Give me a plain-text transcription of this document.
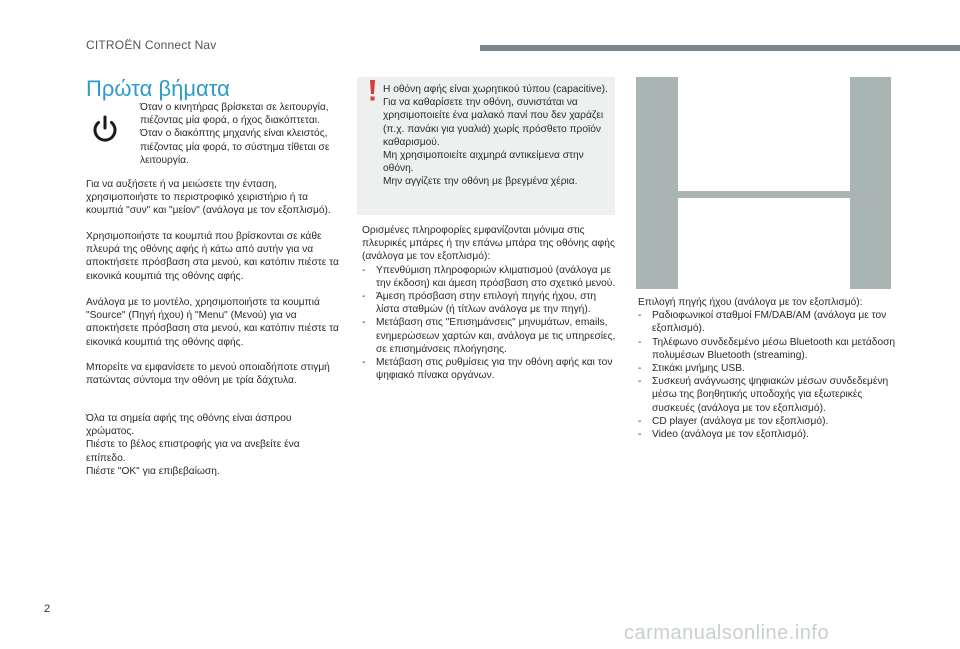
CITROËN Connect Nav
Πρώτα βήματα

Όταν ο κινητήρας βρίσκεται σε λειτουργία, πιέζοντας μία φορά, ο ήχος διακόπτεται. Όταν ο διακόπτης μηχανής είναι κλειστός, πιέζοντας μία φορά, το σύστημα τίθεται σε λειτουργία.

Για να αυξήσετε ή να μειώσετε την ένταση, χρησιμοποιήστε το περιστροφικό χειριστήριο ή τα κουμπιά "συν" και "μείον" (ανάλογα με τον εξοπλισμό).

Χρησιμοποιήστε τα κουμπιά που βρίσκονται σε κάθε πλευρά της οθόνης αφής ή κάτω από αυτήν για να αποκτήσετε πρόσβαση στα μενού, και κατόπιν πιέστε τα εικονικά κουμπιά της οθόνης αφής.

Ανάλογα με το μοντέλο, χρησιμοποιήστε τα κουμπιά "Source" (Πηγή ήχου) ή "Menu" (Μενού) για να αποκτήσετε πρόσβαση στα μενού, και κατόπιν πιέστε τα εικονικά κουμπιά της οθόνης αφής.

Μπορείτε να εμφανίσετε το μενού οποιαδήποτε στιγμή πατώντας σύντομα την οθόνη με τρία δάχτυλα.

Όλα τα σημεία αφής της οθόνης είναι άσπρου χρώματος.

Πιέστε το βέλος επιστροφής για να ανεβείτε ένα επίπεδο.

Πιέστε "OK" για επιβεβαίωση.

Η οθόνη αφής είναι χωρητικού τύπου (capacitive).

Για να καθαρίσετε την οθόνη, συνιστάται να χρησιμοποιείτε ένα μαλακό πανί που δεν χαράζει (π.χ. πανάκι για γυαλιά) χωρίς πρόσθετο προϊόν καθαρισμού.

Μη χρησιμοποιείτε αιχμηρά αντικείμενα στην οθόνη.

Μην αγγίζετε την οθόνη με βρεγμένα χέρια.

Ορισμένες πληροφορίες εμφανίζονται μόνιμα στις πλευρικές μπάρες ή την επάνω μπάρα της οθόνης αφής (ανάλογα με τον εξοπλισμό):

- Υπενθύμιση πληροφοριών κλιματισμού (ανάλογα με την έκδοση) και άμεση πρόσβαση στο σχετικό μενού.
- Άμεση πρόσβαση στην επιλογή πηγής ήχου, στη λίστα σταθμών (ή τίτλων ανάλογα με την πηγή).
- Μετάβαση στις "Επισημάνσεις" μηνυμάτων, emails, ενημερώσεων χαρτών και, ανάλογα με τις υπηρεσίες, σε επισημάνσεις πλοήγησης.
- Μετάβαση στις ρυθμίσεις για την οθόνη αφής και τον ψηφιακό πίνακα οργάνων.

Επιλογή πηγής ήχου (ανάλογα με τον εξοπλισμό):

- Ραδιοφωνικοί σταθμοί FM/DAB/AM (ανάλογα με τον εξοπλισμό).
- Τηλέφωνο συνδεδεμένο μέσω Bluetooth και μετάδοση πολυμέσων Bluetooth (streaming).
- Στικάκι μνήμης USB.
- Συσκευή ανάγνωσης ψηφιακών μέσων συνδεδεμένη μέσω της βοηθητικής υποδοχής για εξωτερικές συσκευές (ανάλογα με τον εξοπλισμό).
- CD player (ανάλογα με τον εξοπλισμό).
- Video (ανάλογα με τον εξοπλισμό).
2
carmanualsonline.info
